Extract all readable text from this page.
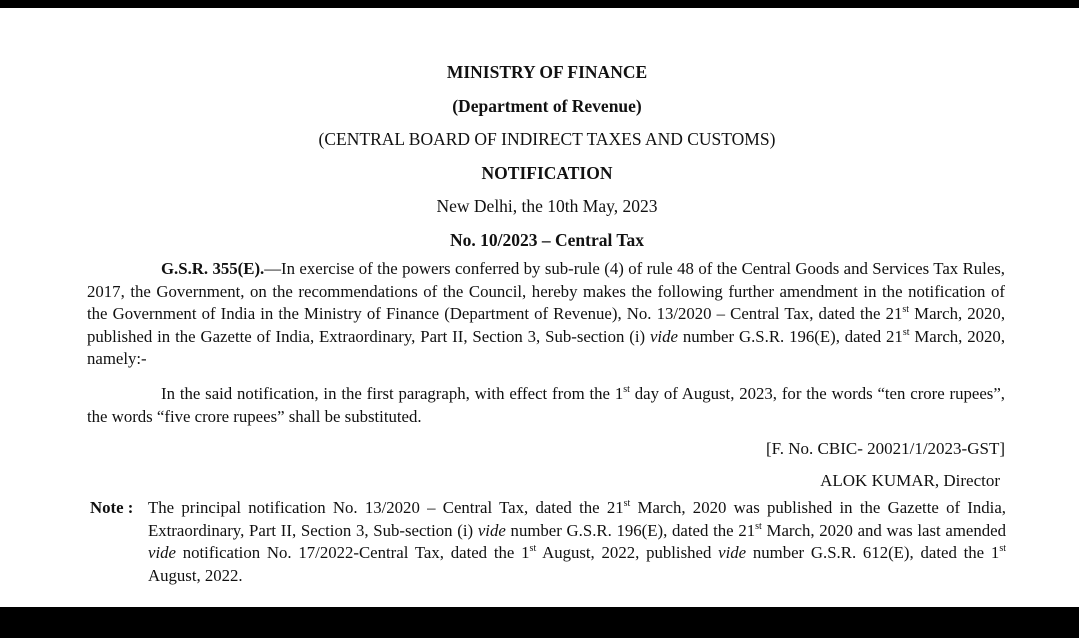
MINISTRY OF FINANCE
(Department of Revenue)
(CENTRAL BOARD OF INDIRECT TAXES AND CUSTOMS)
NOTIFICATION
New Delhi, the 10th May, 2023
No. 10/2023 – Central Tax

G.S.R. 355(E).—In exercise of the powers conferred by sub-rule (4) of rule 48 of the Central Goods and Services Tax Rules, 2017, the Government, on the recommendations of the Council, hereby makes the following further amendment in the notification of the Government of India in the Ministry of Finance (Department of Revenue), No. 13/2020 – Central Tax, dated the 21st March, 2020, published in the Gazette of India, Extraordinary, Part II, Section 3, Sub-section (i) vide number G.S.R. 196(E), dated 21st March, 2020, namely:-

In the said notification, in the first paragraph, with effect from the 1st day of August, 2023, for the words “ten crore rupees”, the words “five crore rupees” shall be substituted.

[F. No. CBIC- 20021/1/2023-GST]
ALOK KUMAR, Director
Note : The principal notification No. 13/2020 – Central Tax, dated the 21st March, 2020 was published in the Gazette of India, Extraordinary, Part II, Section 3, Sub-section (i) vide number G.S.R. 196(E), dated the 21st March, 2020 and was last amended vide notification No. 17/2022-Central Tax, dated the 1st August, 2022, published vide number G.S.R. 612(E), dated the 1st August, 2022.
